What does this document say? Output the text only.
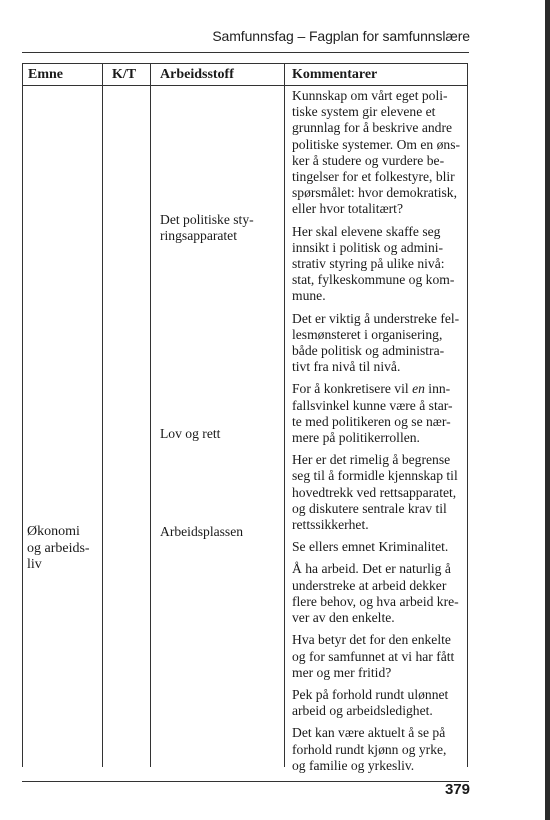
Samfunnsfag – Fagplan for samfunnslære
Emne	K/T Arbeidsstoff	Kommentarer
Økonomi
og arbeids-
liv
Det politiske sty-
ringsapparatet
Lov og rett
Arbeidsplassen
Kunnskap om vårt eget poli-
tiske system gir elevene et
grunnlag for å beskrive andre
politiske systemer. Om en øns-
ker å studere og vurdere be-
tingelser for et folkestyre, blir
spørsmålet: hvor demokratisk,
eller hvor totalitært?
Her skal elevene skaffe seg
innsikt i politisk og admini-
strativ styring på ulike nivå:
stat, fylkeskommune og kom-
mune.
Det er viktig å understreke fel-
lesmønsteret i organisering,
både politisk og administra-
tivt fra nivå til nivå.
For å konkretisere vil en inn-
fallsvinkel kunne være å star-
te med politikeren og se nær-
mere på politikerrollen.
Her er det rimelig å begrense
seg til å formidle kjennskap til
hovedtrekk ved rettsapparatet,
og diskutere sentrale krav til
rettssikkerhet.
Se ellers emnet Kriminalitet.
Å ha arbeid. Det er naturlig å
understreke at arbeid dekker
flere behov, og hva arbeid kre-
ver av den enkelte.
Hva betyr det for den enkelte
og for samfunnet at vi har fått
mer og mer fritid?
Pek på forhold rundt ulønnet
arbeid og arbeidsledighet.
Det kan være aktuelt å se på
forhold rundt kjønn og yrke,
og familie og yrkesliv.
379
